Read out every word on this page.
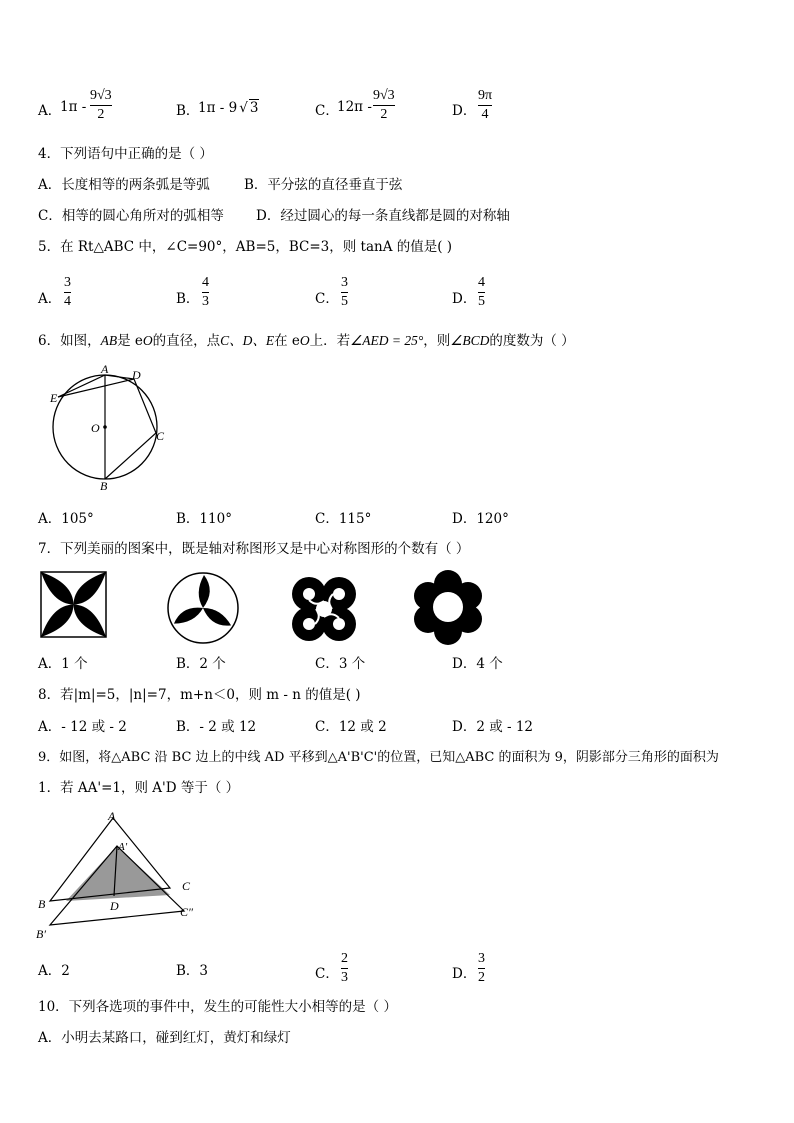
A．
1π -
9√3
2	B．
1π - 9 √ 3	C．
12π -
9√3
2	D．
9π
4
4．下列语句中正确的是（ ）
A．长度相等的两条弧是等弧	B．平分弦的直径垂直于弦
C．相等的圆心角所对的弧相等 D．经过圆心的每一条直线都是圆的对称轴
5．在 Rt△ABC 中，∠C=90°，AB=5，BC=3，则 tanA 的值是( )
A．
3
4	B．
4
3	C．
3
5	D．
4
5
6．如图，AB是 eO的直径，点C、D、E在 eO上．若∠AED = 25°，则∠BCD的度数为（ ）
A D
E
O
C
B
A．105°	B．110°	C．115°	D．120°
7．下列美丽的图案中，既是轴对称图形又是中心对称图形的个数有（ ）
A．1 个	B．2 个	C．3 个	D．4 个
8．若|m|=5，|n|=7，m+n＜0，则 m - n 的值是( )
A．- 12 或 - 2	B．- 2 或 12	C．12 或 2	D．2 或 - 12
9．如图，将△ABC 沿 BC 边上的中线 AD 平移到△A'B'C'的位置，已知△ABC 的面积为 9，阴影部分三角形的面积为
1．若 AA'=1，则 A'D 等于（ ）
A
A′
C
B	D	C″
B′
A．2	B．3	C．
2
3	D．
3
2
10．下列各选项的事件中，发生的可能性大小相等的是（ ）
A．小明去某路口，碰到红灯，黄灯和绿灯
